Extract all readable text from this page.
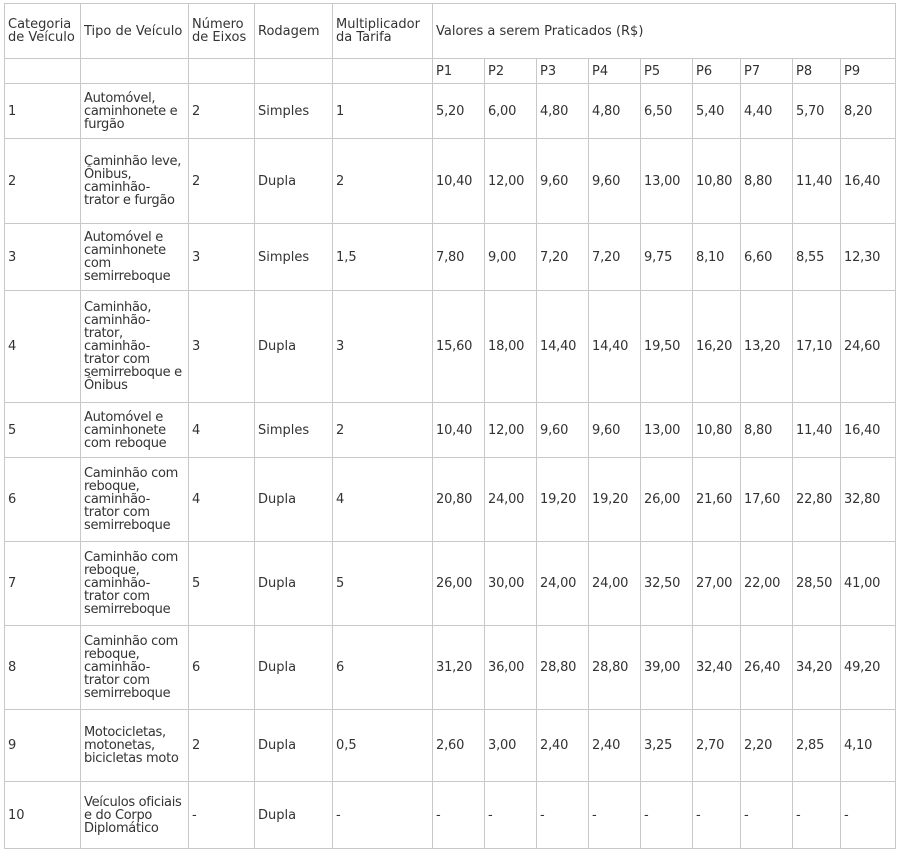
Categoria de Veículo	Tipo de Veículo	Número de Eixos	Rodagem	Multiplicador da Tarifa	Valores a serem Praticados (R$)								
					P1	P2	P3	P4	P5	P6	P7	P8	P9
1	Automóvel, caminhonete e furgão	2	Simples	1	5,20	6,00	4,80	4,80	6,50	5,40	4,40	5,70	8,20
2	Caminhão leve, Ônibus, caminhão-trator e furgão	2	Dupla	2	10,40	12,00	9,60	9,60	13,00	10,80	8,80	11,40	16,40
3	Automóvel e caminhonete com semirreboque	3	Simples	1,5	7,80	9,00	7,20	7,20	9,75	8,10	6,60	8,55	12,30
4	Caminhão, caminhão-trator, caminhão-trator com semirreboque e Ônibus	3	Dupla	3	15,60	18,00	14,40	14,40	19,50	16,20	13,20	17,10	24,60
5	Automóvel e caminhonete com reboque	4	Simples	2	10,40	12,00	9,60	9,60	13,00	10,80	8,80	11,40	16,40
6	Caminhão com reboque, caminhão-trator com semirreboque	4	Dupla	4	20,80	24,00	19,20	19,20	26,00	21,60	17,60	22,80	32,80
7	Caminhão com reboque, caminhão-trator com semirreboque	5	Dupla	5	26,00	30,00	24,00	24,00	32,50	27,00	22,00	28,50	41,00
8	Caminhão com reboque, caminhão-trator com semirreboque	6	Dupla	6	31,20	36,00	28,80	28,80	39,00	32,40	26,40	34,20	49,20
9	Motocicletas, motonetas, bicicletas moto	2	Dupla	0,5	2,60	3,00	2,40	2,40	3,25	2,70	2,20	2,85	4,10
10	Veículos oficiais e do Corpo Diplomático	-	Dupla	-	-	-	-	-	-	-	-	-	-
